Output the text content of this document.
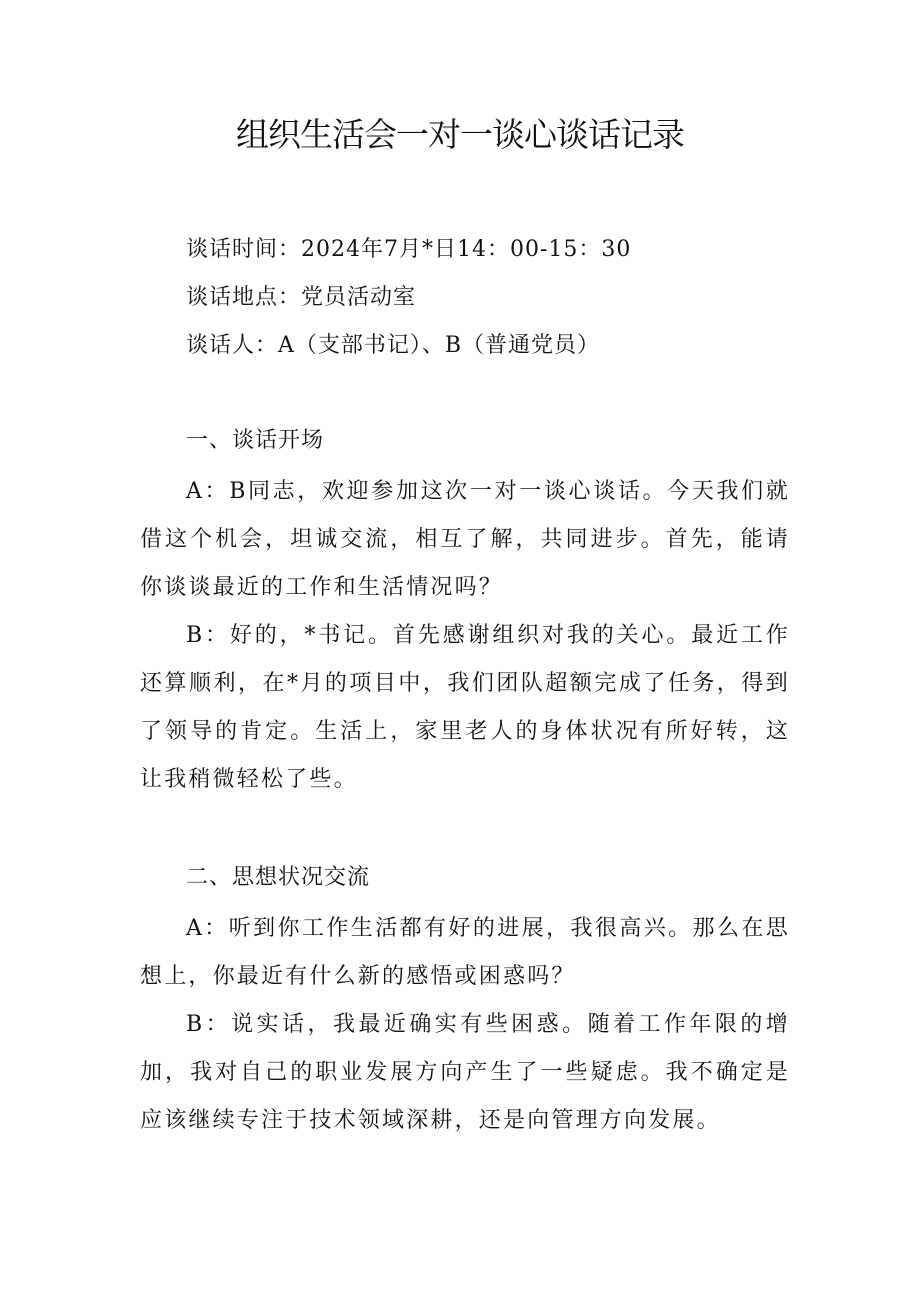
组织生活会一对一谈心谈话记录
谈话时间：2024年7月*日14：00-15：30
谈话地点：党员活动室
谈话人：A（支部书记）、B（普通党员）
一、谈话开场

A：B同志，欢迎参加这次一对一谈心谈话。今天我们就借这个机会，坦诚交流，相互了解，共同进步。首先，能请你谈谈最近的工作和生活情况吗？

B：好的，*书记。首先感谢组织对我的关心。最近工作还算顺利，在*月的项目中，我们团队超额完成了任务，得到了领导的肯定。生活上，家里老人的身体状况有所好转，这让我稍微轻松了些。

二、思想状况交流

A：听到你工作生活都有好的进展，我很高兴。那么在思想上，你最近有什么新的感悟或困惑吗？

B：说实话，我最近确实有些困惑。随着工作年限的增加，我对自己的职业发展方向产生了一些疑虑。我不确定是应该继续专注于技术领域深耕，还是向管理方向发展。
